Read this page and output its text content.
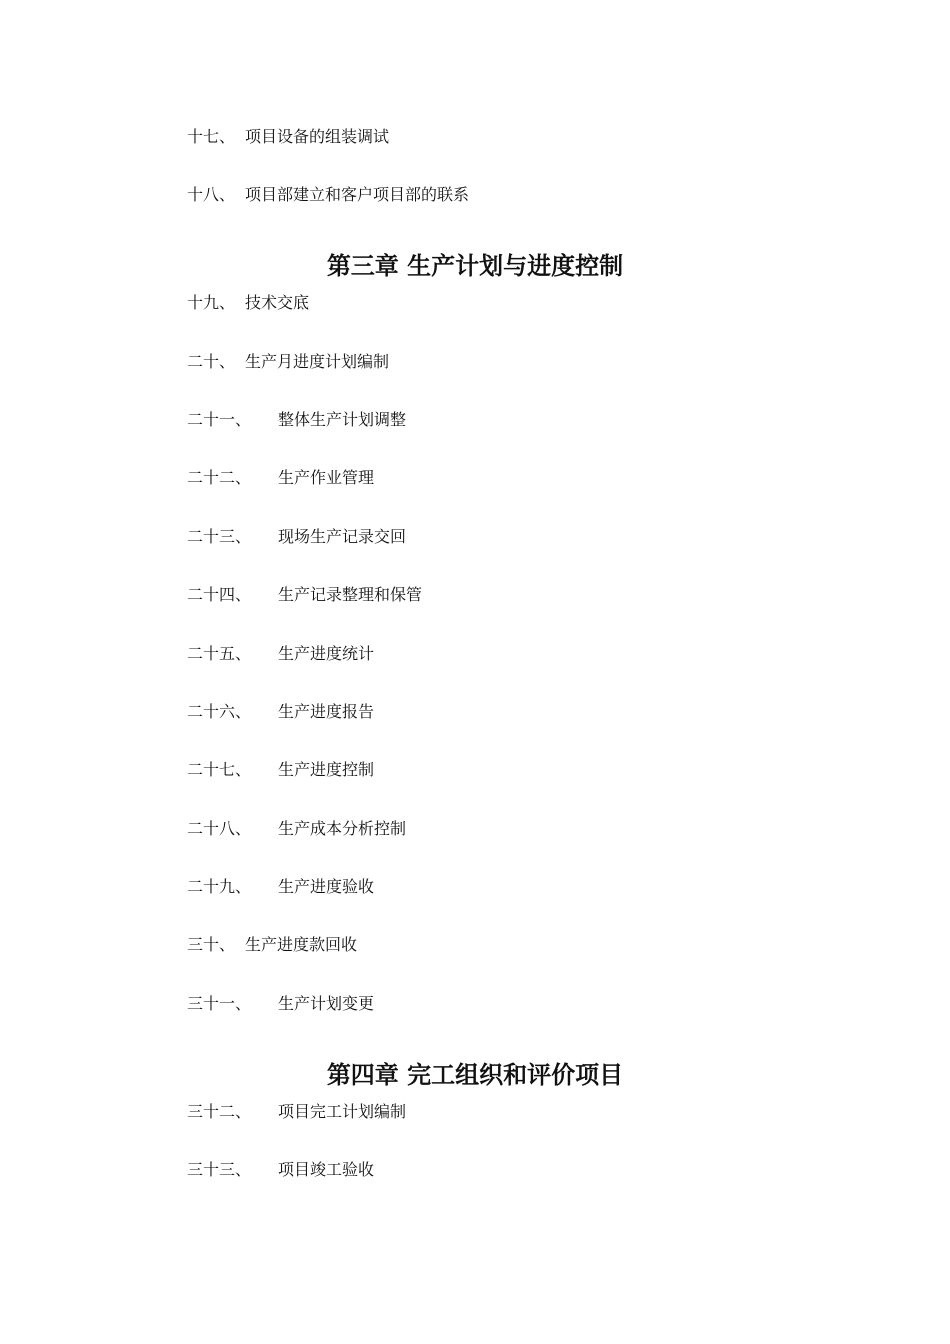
十七、 项目设备的组装调试
十八、 项目部建立和客户项目部的联系
第三章 生产计划与进度控制
十九、 技术交底
二十、 生产月进度计划编制
二十一、 整体生产计划调整
二十二、 生产作业管理
二十三、 现场生产记录交回
二十四、 生产记录整理和保管
二十五、 生产进度统计
二十六、 生产进度报告
二十七、 生产进度控制
二十八、 生产成本分析控制
二十九、 生产进度验收
三十、 生产进度款回收
三十一、 生产计划变更
第四章 完工组织和评价项目
三十二、 项目完工计划编制
三十三、 项目竣工验收
